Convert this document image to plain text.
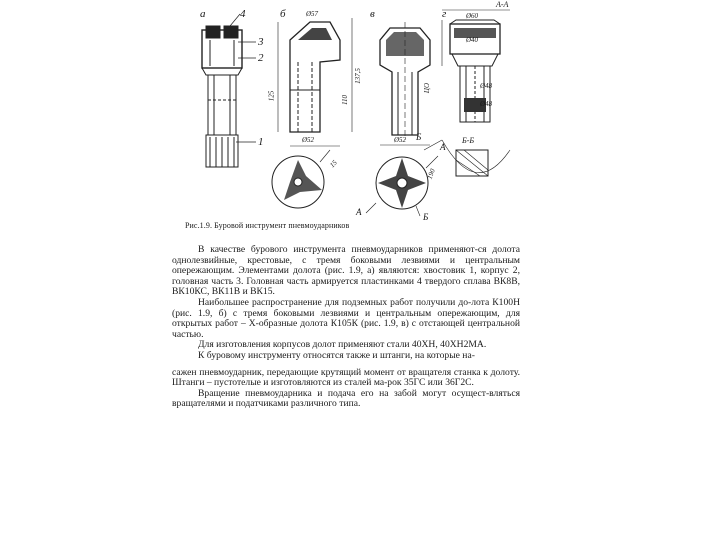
а	б	в	г
1
2
3
4
А
А	Б
Б
А-А
Б-Б
125	110
137,5
Ø52
Ø57
Ø52
ЦО
190
Ø40
Ø60
Ø48
Ø48
15
Рис.1.9. Буровой инструмент пневмоударников

В качестве бурового инструмента пневмоударников применяют-ся долота однолезвийные, крестовые, с тремя боковыми лезвиями и центральным опережающим. Элементами долота (рис. 1.9, а) являются: хвостовик 1, корпус 2, головная часть 3. Головная часть армируется пластинками 4 твердого сплава ВК8В, ВК10КС, ВК11В и ВК15.

Наибольшее распространение для подземных работ получили до-лота К100Н (рис. 1.9, б) с тремя боковыми лезвиями и центральным опережающим, для открытых работ – Х-образные долота К105К (рис. 1.9, в) с отстающей центральной частью.

Для изготовления корпусов долот применяют стали 40ХН, 40ХН2МА.

К буровому инструменту относятся также и штанги, на которые на-

сажен пневмоударник, передающие крутящий момент от вращателя станка к долоту. Штанги – пустотелые и изготовляются из сталей ма-рок 35ГС или 36Г2С.

Вращение пневмоударника и подача его на забой могут осущест-вляться вращателями и податчиками различного типа.
